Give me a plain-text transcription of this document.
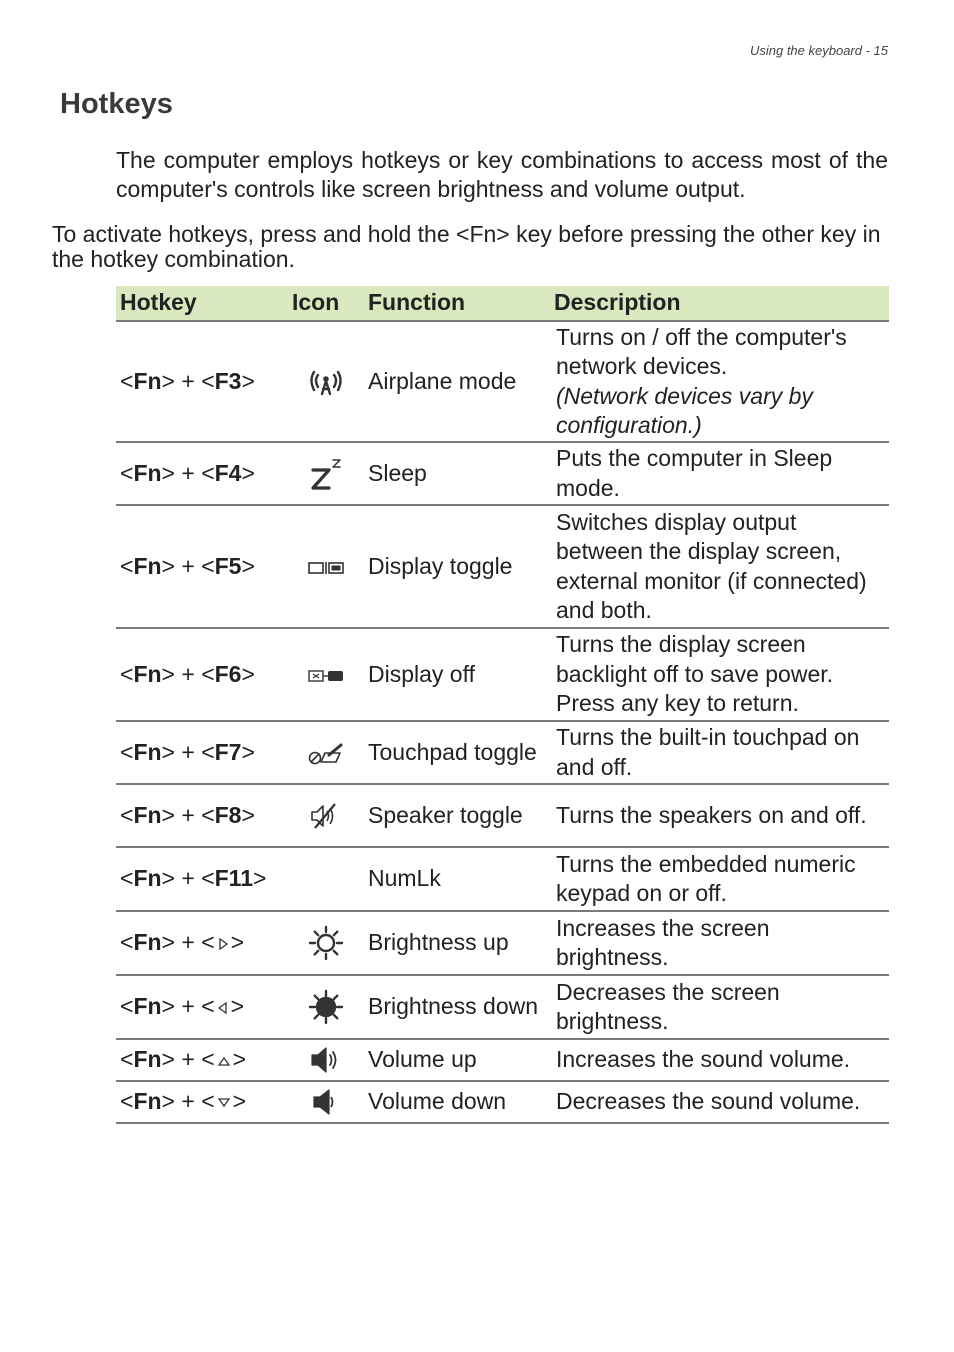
Using the keyboard - 15
Hotkeys

The computer employs hotkeys or key combinations to access most of the computer's controls like screen brightness and volume output.

To activate hotkeys, press and hold the <Fn> key before pressing the other key in the hotkey combination.

Hotkey	Icon	Function	Description
<Fn> + <F3>		Airplane mode	Turns on / off the computer's network devices.
(Network devices vary by configuration.)
<Fn> + <F4>		Sleep	Puts the computer in Sleep mode.
<Fn> + <F5>		Display toggle	Switches display output between the display screen, external monitor (if connected) and both.
<Fn> + <F6>		Display off	Turns the display screen backlight off to save power. Press any key to return.
<Fn> + <F7>		Touchpad toggle	Turns the built-in touchpad on and off.
<Fn> + <F8>		Speaker toggle	Turns the speakers on and off.
<Fn> + <F11>		NumLk	Turns the embedded numeric keypad on or off.
<Fn> + < >		Brightness up	Increases the screen brightness.
<Fn> + < >		Brightness down	Decreases the screen brightness.
<Fn> + < >		Volume up	Increases the sound volume.
<Fn> + < >		Volume down	Decreases the sound volume.
